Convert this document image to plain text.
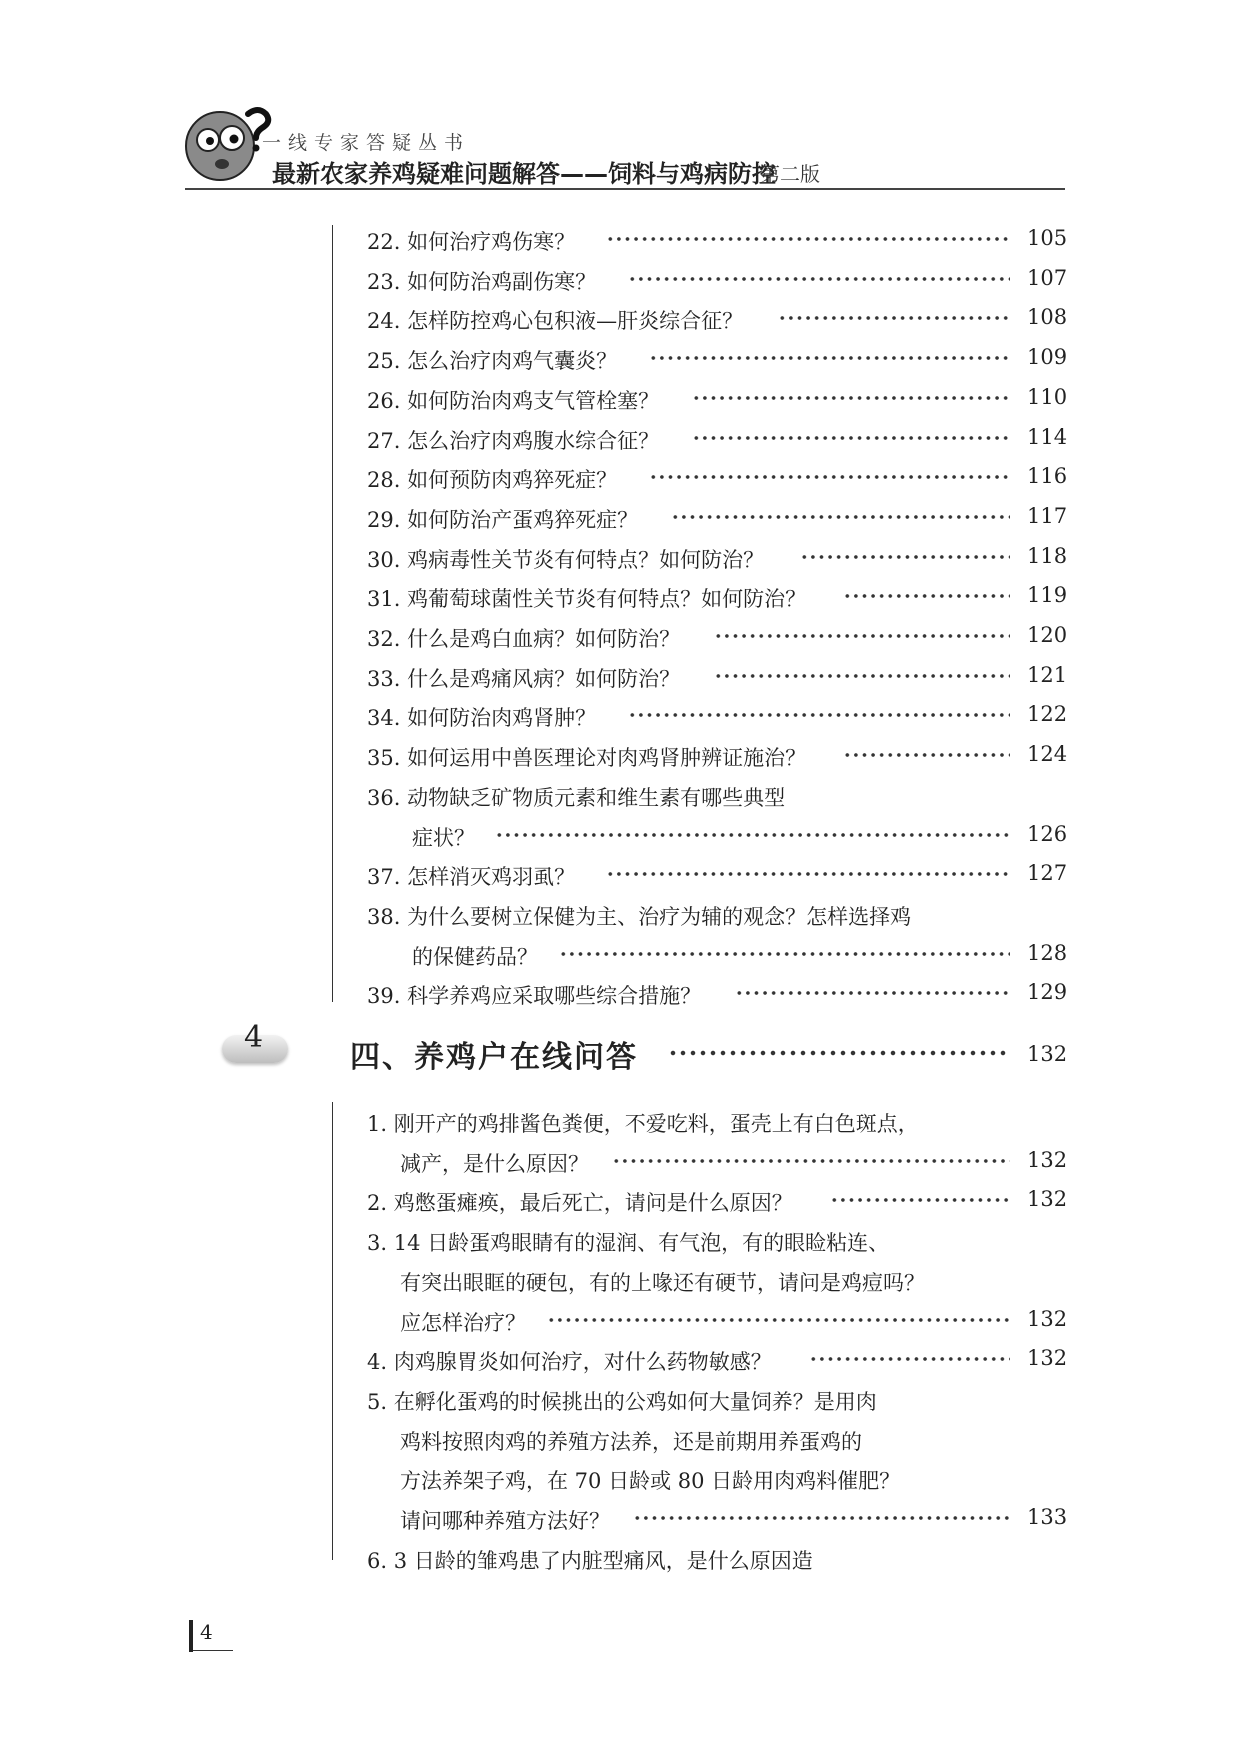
一线专家答疑丛书
最新农家养鸡疑难问题解答——饲料与鸡病防控
第二版
22. 如何治疗鸡伤寒？	105
23. 如何防治鸡副伤寒？	107
24. 怎样防控鸡心包积液—肝炎综合征？	108
25. 怎么治疗肉鸡气囊炎？	109
26. 如何防治肉鸡支气管栓塞？	110
27. 怎么治疗肉鸡腹水综合征？	114
28. 如何预防肉鸡猝死症？	116
29. 如何防治产蛋鸡猝死症？	117
30. 鸡病毒性关节炎有何特点？如何防治？	118
31. 鸡葡萄球菌性关节炎有何特点？如何防治？	119
32. 什么是鸡白血病？如何防治？	120
33. 什么是鸡痛风病？如何防治？	121
34. 如何防治肉鸡肾肿？	122
35. 如何运用中兽医理论对肉鸡肾肿辨证施治？	124
36. 动物缺乏矿物质元素和维生素有哪些典型
症状？	126
37. 怎样消灭鸡羽虱？	127
38. 为什么要树立保健为主、治疗为辅的观念？怎样选择鸡
的保健药品？	128
39. 科学养鸡应采取哪些综合措施？	129
4
四、养鸡户在线问答	132
1. 刚开产的鸡排酱色粪便，不爱吃料，蛋壳上有白色斑点，
减产，是什么原因？	132
2. 鸡憋蛋瘫痪，最后死亡，请问是什么原因？	132
3. 14 日龄蛋鸡眼睛有的湿润、有气泡，有的眼睑粘连、
有突出眼眶的硬包，有的上喙还有硬节，请问是鸡痘吗？
应怎样治疗？	132
4. 肉鸡腺胃炎如何治疗，对什么药物敏感？	132
5. 在孵化蛋鸡的时候挑出的公鸡如何大量饲养？是用肉
鸡料按照肉鸡的养殖方法养，还是前期用养蛋鸡的
方法养架子鸡，在 70 日龄或 80 日龄用肉鸡料催肥？
请问哪种养殖方法好？	133
6. 3 日龄的雏鸡患了内脏型痛风，是什么原因造
4
